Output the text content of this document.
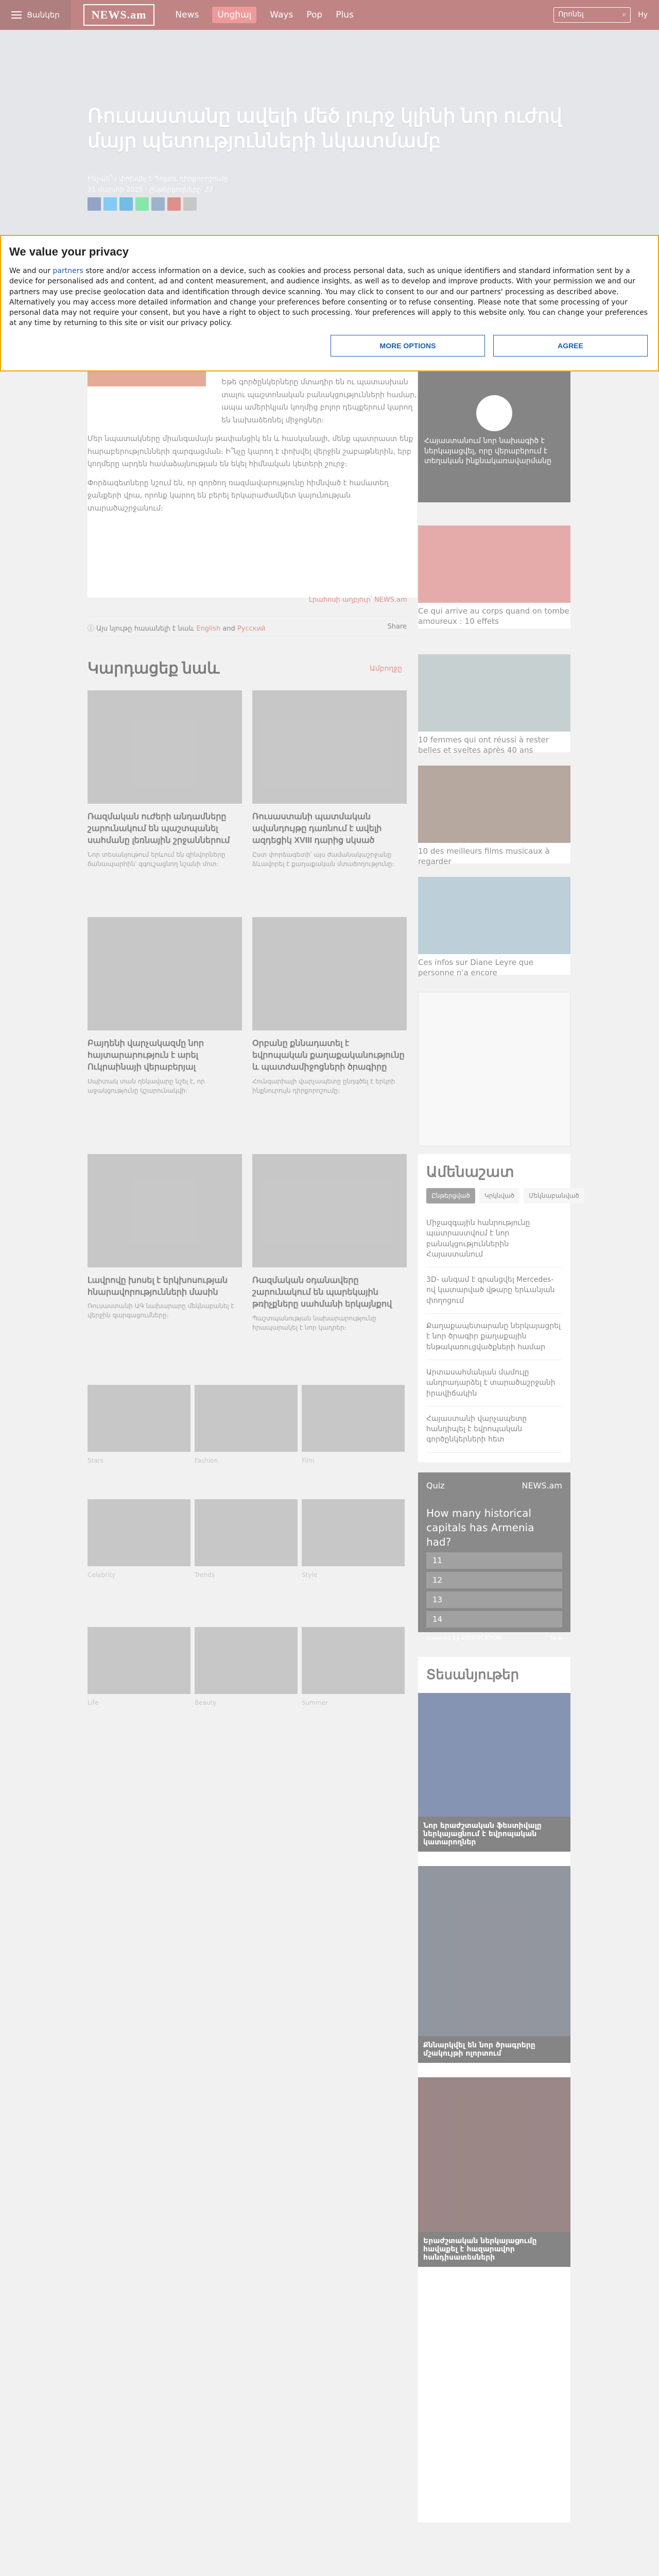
Ցանկեր	NEWS.am	News	Սոցիալ	Ways Pop Plus	Որոնել	⌕ Hy
Ռուսաստանը ավելի մեծ լուրջ կլինի նոր ուժով մայր պետությունների նկատմամբ
Ինչպե՞ս փոխվել է Պոլսու դիրքորոշումը
31 մարտի 2025 · ընթերցողները՝ 27

Եթե գործընկերները մտադիր են ու պատասխան տալու պաշտոնական բանակցությունների համար, ապա ամերիկյան կողմից բոլոր դեպքերում կարող են նախաձեռնել միջոցներ։

Մեր նպատակները միանգամայն թափանցիկ են և հասկանալի, մենք պատրաստ ենք հարաբերությունների զարգացման։ Ի՞նչը կարող է փոխվել վերջին շաբաթներին, երբ կողմերը արդեն համաձայնության են եկել հիմնական կետերի շուրջ։

Փորձագետները նշում են, որ գործող ռազմավարությունը հիմնված է համատեղ ջանքերի վրա, որոնք կարող են բերել երկարաժամկետ կայունության տարածաշրջանում։

Լրահոսի աղբյուր՝ NEWS.am
ⓘ Այս նյութը հասանելի է նաև English and Русский	Share
Կարդացեք նաև	Ամբողջը
Ռազմական ուժերի անդամները շարունակում են պաշտպանել սահմանը լեռնային շրջաններում

Նոր տեսանյութում երևում են զինվորները ճանապարհին՝ զգուշացնող նշանի մոտ։

Ռուսաստանի պատմական ավանդույթը դառնում է ավելի ազդեցիկ XVIII դարից սկսած

Ըստ փորձագետի՝ այս ժամանակաշրջանը ձևավորել է քաղաքական մտածողությունը։

Բայդենի վարչակազմը նոր հայտարարություն է արել Ուկրաինայի վերաբերյալ

Սպիտակ տան ղեկավարը նշել է, որ աջակցությունը կշարունակվի։

Օրբանը քննադատել է եվրոպական քաղաքականությունը և պատժամիջոցների ծրագիրը

Հունգարիայի վարչապետը ընդգծել է երկրի ինքնուրույն դիրքորոշումը։

Լավրովը խոսել է երկխոսության հնարավորությունների մասին

Ռուսաստանի ԱԳ նախարարը մեկնաբանել է վերջին զարգացումները։

Ռազմական օդանավերը շարունակում են պարեկային թռիչքները սահմանի երկայնքով

Պաշտպանության նախարարությունը հրապարակել է նոր կադրեր։

Stars	Fashion	Film
Celebrity	Trends	Style
Life	Beauty	Summer
Հայաստանում նոր նախագիծ է ներկայացվել, որը վերաբերում է տեղական ինքնակառավարմանը
Ce qui arrive au corps quand on tombe amoureux : 10 effets
10 femmes qui ont réussi à rester belles et sveltes après 40 ans
10 des meilleurs films musicaux à regarder
Ces infos sur Diane Leyre que personne n'a encore
Ամենաշատ
Ընթերցված	Կրկնված	Մեկնաբանված
Միջազգային հանրությունը պատրաստվում է նոր բանակցություններին Հայաստանում
3D- անգամ է գրանցվել Mercedes-ով կատարված վթարը երևանյան փողոցում
Քաղաքապետարանը ներկայացրել է նոր ծրագիր քաղաքային ենթակառուցվածքների համար
Արտասահմանյան մամուլը անդրադարձել է տարածաշրջանի իրավիճակին
Հայաստանի վարչապետը հանդիպել է եվրոպական գործընկերների հետ
Quiz	NEWS.am
How many historical capitals has Armenia had?
11
12
13
14
powered by IDENTICATION	Skip
Տեսանյութեր
Նոր երաժշտական ֆեստիվալը ներկայացնում է եվրոպական կատարողներ
Քննարկվել են նոր ծրագրերը մշակույթի ոլորտում
Երաժշտական ներկայացումը հավաքել է հազարավոր հանդիսատեսների
We value your privacy

We and our partners store and/or access information on a device, such as cookies and process personal data, such as unique identifiers and standard information sent by a device for personalised ads and content, ad and content measurement, and audience insights, as well as to develop and improve products. With your permission we and our partners may use precise geolocation data and identification through device scanning. You may click to consent to our and our partners' processing as described above. Alternatively you may access more detailed information and change your preferences before consenting or to refuse consenting. Please note that some processing of your personal data may not require your consent, but you have a right to object to such processing. Your preferences will apply to this website only. You can change your preferences at any time by returning to this site or visit our privacy policy.

MORE OPTIONS	AGREE
